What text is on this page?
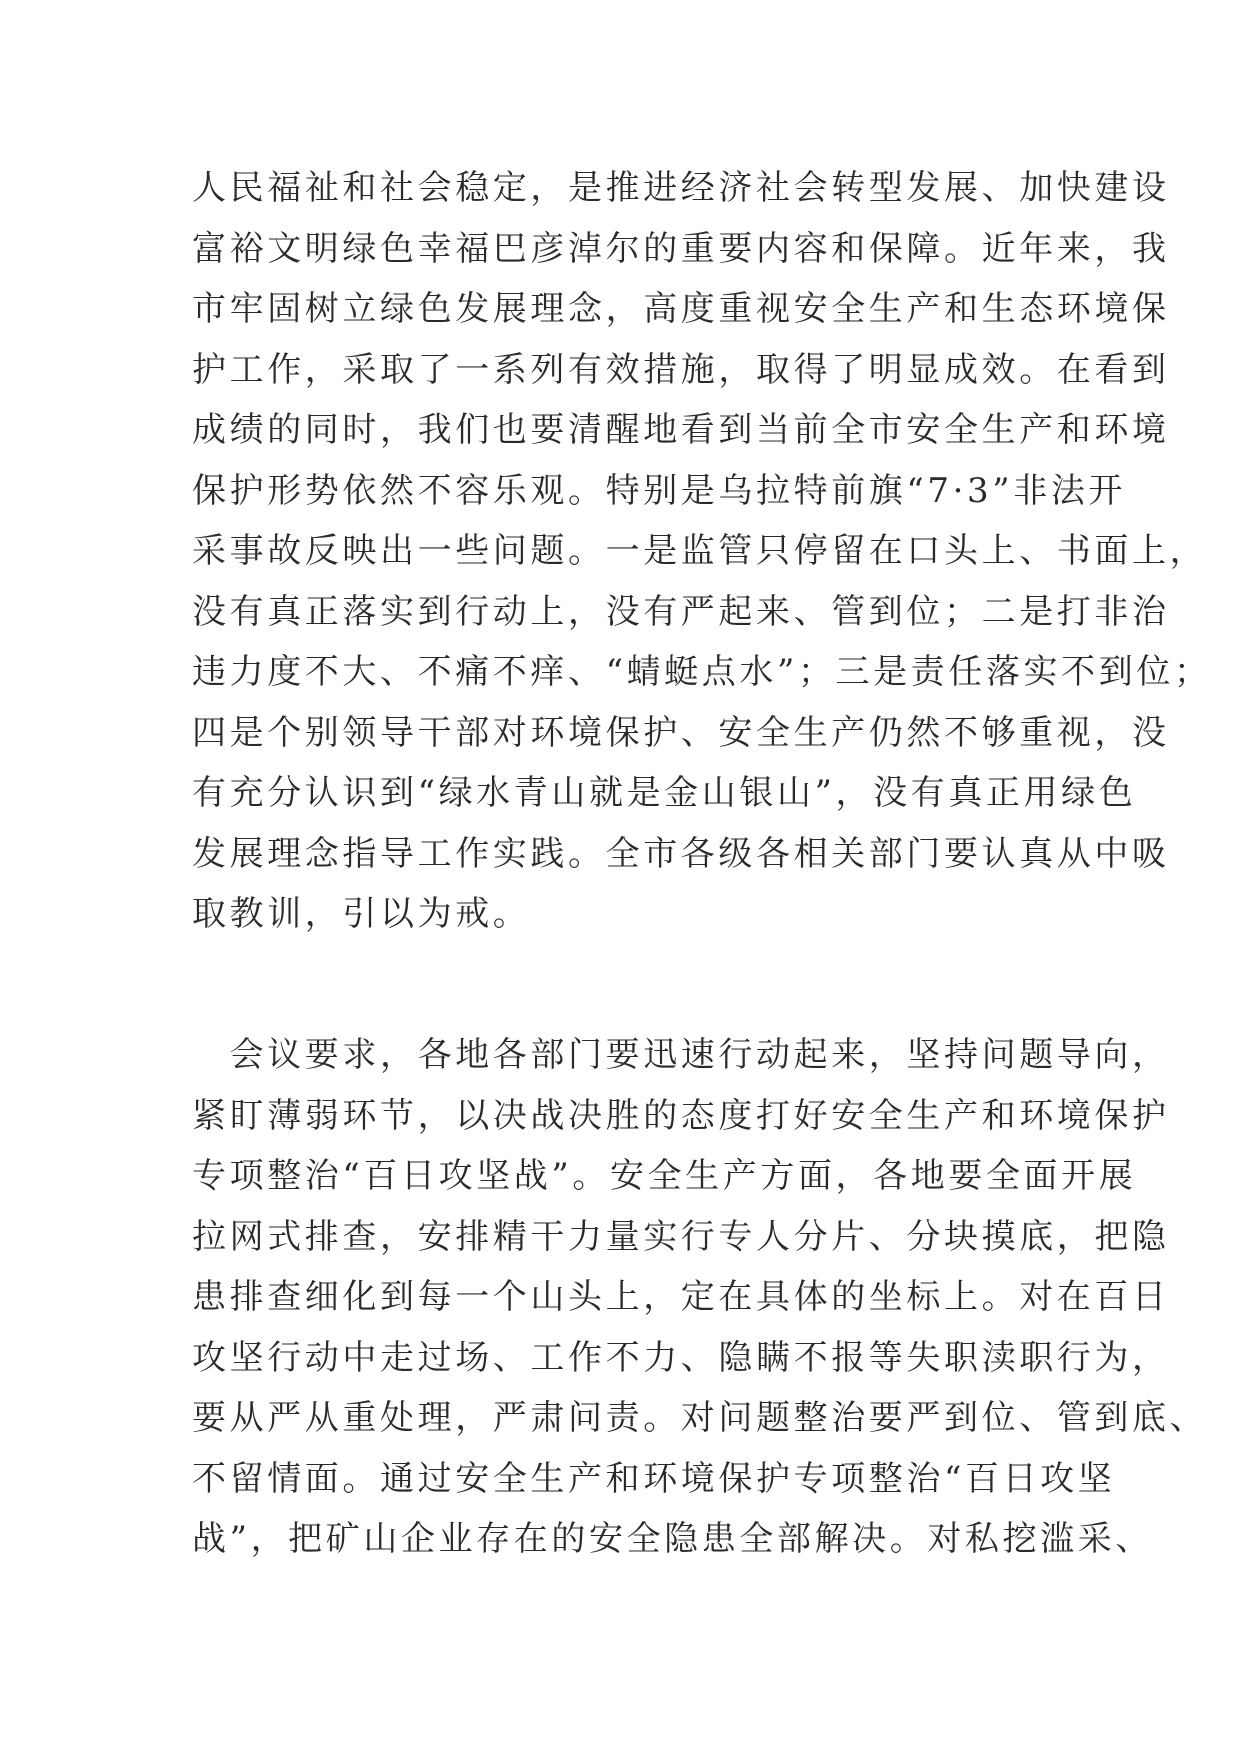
人民福祉和社会稳定，是推进经济社会转型发展、加快建设
富裕文明绿色幸福巴彦淖尔的重要内容和保障。近年来，我
市牢固树立绿色发展理念，高度重视安全生产和生态环境保
护工作，采取了一系列有效措施，取得了明显成效。在看到
成绩的同时，我们也要清醒地看到当前全市安全生产和环境
保护形势依然不容乐观。特别是乌拉特前旗“7·3”非法开
采事故反映出一些问题。一是监管只停留在口头上、书面上，
没有真正落实到行动上，没有严起来、管到位；二是打非治
违力度不大、不痛不痒、“蜻蜓点水”；三是责任落实不到位；
四是个别领导干部对环境保护、安全生产仍然不够重视，没
有充分认识到“绿水青山就是金山银山”，没有真正用绿色
发展理念指导工作实践。全市各级各相关部门要认真从中吸
取教训，引以为戒。
　会议要求，各地各部门要迅速行动起来，坚持问题导向，
紧盯薄弱环节，以决战决胜的态度打好安全生产和环境保护
专项整治“百日攻坚战”。安全生产方面，各地要全面开展
拉网式排查，安排精干力量实行专人分片、分块摸底，把隐
患排查细化到每一个山头上，定在具体的坐标上。对在百日
攻坚行动中走过场、工作不力、隐瞒不报等失职渎职行为，
要从严从重处理，严肃问责。对问题整治要严到位、管到底、
不留情面。通过安全生产和环境保护专项整治“百日攻坚
战”，把矿山企业存在的安全隐患全部解决。对私挖滥采、
